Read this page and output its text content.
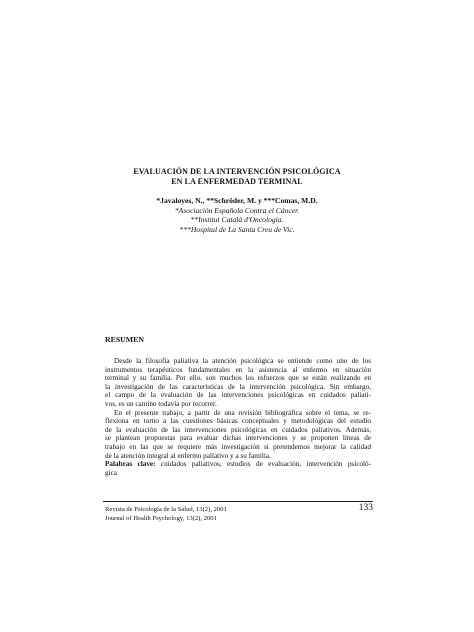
EVALUACIÓN DE LA INTERVENCIÓN PSICOLÓGICA
EN LA ENFERMEDAD TERMINAL
*Javaloyes, N., **Schröder, M. y ***Comas, M.D.
*Asociación Española Contra el Cáncer.
**Institut Català d'Oncologia.
***Hospital de La Santa Creu de Vic.
RESUMEN
Desde la filosofía paliativa la atención psicológica se entiende como uno de los
instrumentos terapéuticos fundamentales en la asistencia al enfermo en situación
terminal y su familia. Por ello, son muchos los esfuerzos que se están realizando en
la investigación de las características de la intervención psicológica. Sin embargo,
el campo de la evaluación de las intervenciones psicológicas en cuidados paliati-
vos, es un camino todavía por recorrer.
En el presente trabajo, a partir de una revisión bibliográfica sobre el tema, se re-
flexiona en torno a las cuestiones básicas conceptuales y metodológicas del estudio
de la evaluación de las intervenciones psicológicas en cuidados paliativos. Además,
se plantean propuestas para evaluar dichas intervenciones y se proponen líneas de
trabajo en las que se requiere más investigación si pretendemos mejorar la calidad
de la atención integral al enfermo paliativo y a su familia.
Palabras clave: cuidados paliativos, estudios de evaluación, intervención psicoló-
gica
Revista de Psicología de la Salud, 13(2), 2001
Journal of Health Psychology, 13(2), 2001
133
